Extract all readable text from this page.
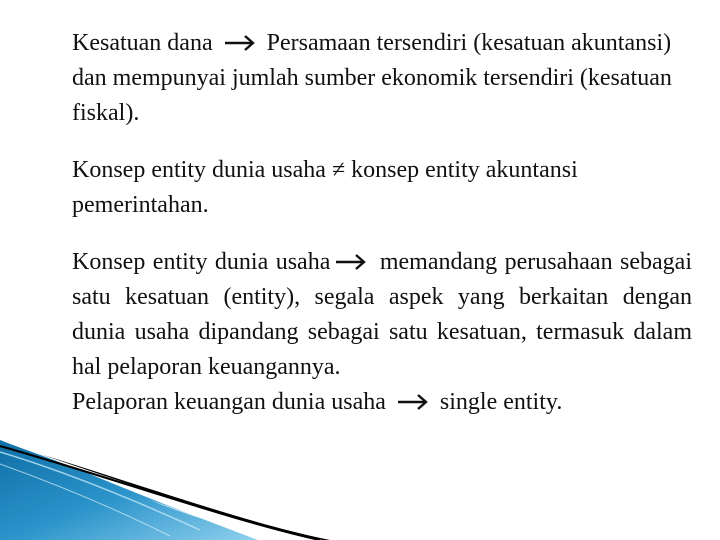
Kesatuan dana Persamaan tersendiri (kesatuan akuntansi) dan mempunyai jumlah sumber ekonomik tersendiri (kesatuan fiskal).

Konsep entity dunia usaha ≠ konsep entity akuntansi pemerintahan.

Konsep entity dunia usaha memandang perusahaan sebagai satu kesatuan (entity), segala aspek yang berkaitan dengan dunia usaha dipandang sebagai satu kesatuan, termasuk dalam hal pelaporan keuangannya.

Pelaporan keuangan dunia usaha single entity.
